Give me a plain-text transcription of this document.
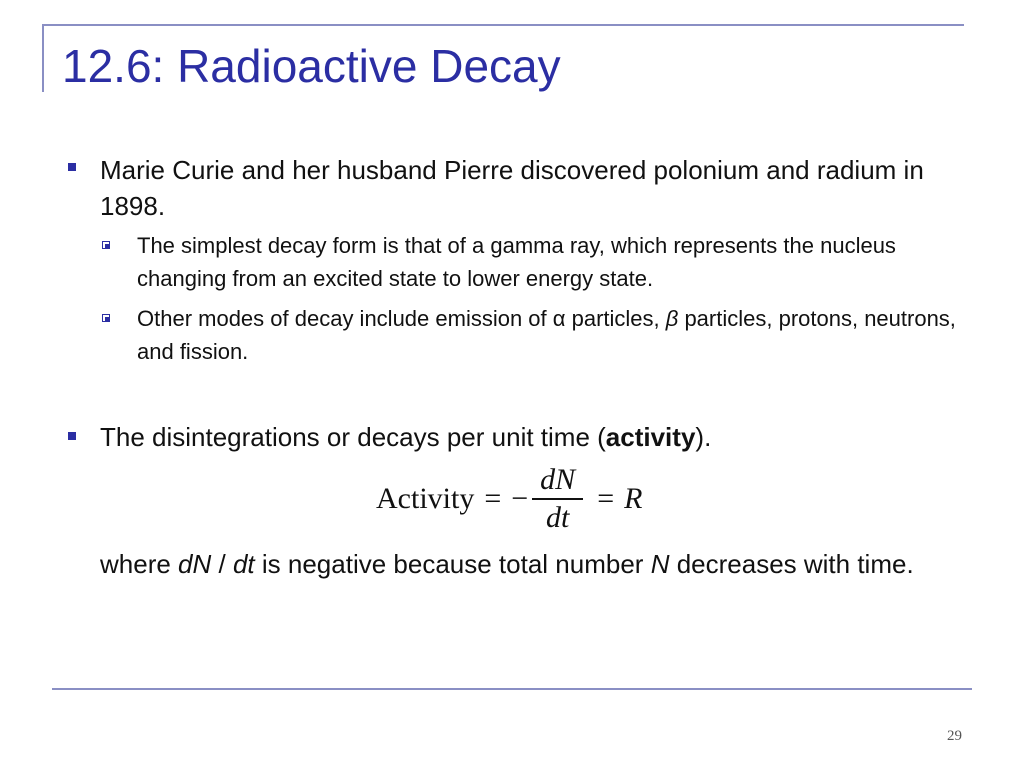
12.6: Radioactive Decay
Marie Curie and her husband Pierre discovered polonium and radium in 1898.
The simplest decay form is that of a gamma ray, which represents the nucleus changing from an excited state to lower energy state.
Other modes of decay include emission of α particles, β particles, protons, neutrons, and fission.
The disintegrations or decays per unit time (activity).
Activity = − $\frac{dN}{dt} = R$
where dN / dt is negative because total number N decreases with time.
29
